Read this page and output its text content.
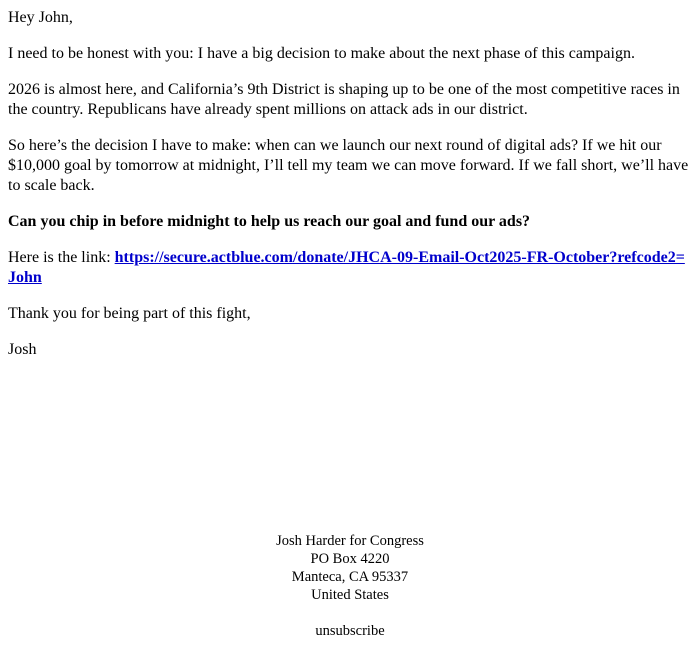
Hey John,

I need to be honest with you: I have a big decision to make about the next phase of this campaign.

2026 is almost here, and California’s 9th District is shaping up to be one of the most competitive races in the country. Republicans have already spent millions on attack ads in our district.

So here’s the decision I have to make: when can we launch our next round of digital ads? If we hit our $10,000 goal by tomorrow at midnight, I’ll tell my team we can move forward. If we fall short, we’ll have to scale back.

Can you chip in before midnight to help us reach our goal and fund our ads?

Here is the link: https://secure.actblue.com/donate/JHCA-09-Email-Oct2025-FR-October?refcode2=John

Thank you for being part of this fight,

Josh

Josh Harder for Congress
PO Box 4220
Manteca, CA 95337
United States
unsubscribe
